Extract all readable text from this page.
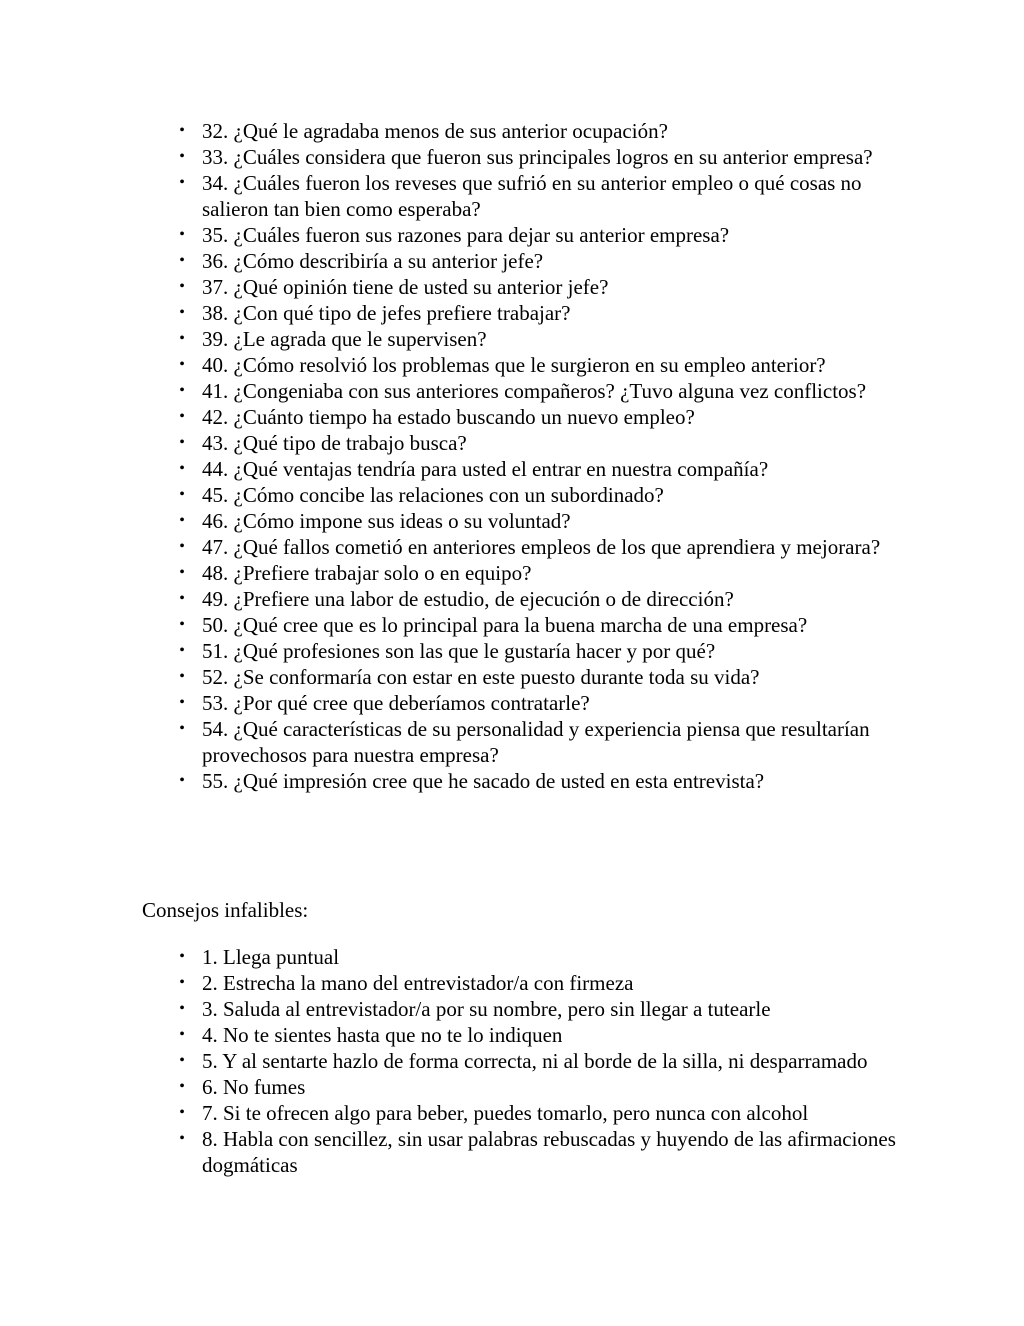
• 32. ¿Qué le agradaba menos de sus anterior ocupación?
• 33. ¿Cuáles considera que fueron sus principales logros en su anterior empresa?
• 34. ¿Cuáles fueron los reveses que sufrió en su anterior empleo o qué cosas no salieron tan bien como esperaba?
• 35. ¿Cuáles fueron sus razones para dejar su anterior empresa?
• 36. ¿Cómo describiría a su anterior jefe?
• 37. ¿Qué opinión tiene de usted su anterior jefe?
• 38. ¿Con qué tipo de jefes prefiere trabajar?
• 39. ¿Le agrada que le supervisen?
• 40. ¿Cómo resolvió los problemas que le surgieron en su empleo anterior?
• 41. ¿Congeniaba con sus anteriores compañeros? ¿Tuvo alguna vez conflictos?
• 42. ¿Cuánto tiempo ha estado buscando un nuevo empleo?
• 43. ¿Qué tipo de trabajo busca?
• 44. ¿Qué ventajas tendría para usted el entrar en nuestra compañía?
• 45. ¿Cómo concibe las relaciones con un subordinado?
• 46. ¿Cómo impone sus ideas o su voluntad?
• 47. ¿Qué fallos cometió en anteriores empleos de los que aprendiera y mejorara?
• 48. ¿Prefiere trabajar solo o en equipo?
• 49. ¿Prefiere una labor de estudio, de ejecución o de dirección?
• 50. ¿Qué cree que es lo principal para la buena marcha de una empresa?
• 51. ¿Qué profesiones son las que le gustaría hacer y por qué?
• 52. ¿Se conformaría con estar en este puesto durante toda su vida?
• 53. ¿Por qué cree que deberíamos contratarle?
• 54. ¿Qué características de su personalidad y experiencia piensa que resultarían provechosos para nuestra empresa?
• 55. ¿Qué impresión cree que he sacado de usted en esta entrevista?
Consejos infalibles:
• 1. Llega puntual
• 2. Estrecha la mano del entrevistador/a con firmeza
• 3. Saluda al entrevistador/a por su nombre, pero sin llegar a tutearle
• 4. No te sientes hasta que no te lo indiquen
• 5. Y al sentarte hazlo de forma correcta, ni al borde de la silla, ni desparramado
• 6. No fumes
• 7. Si te ofrecen algo para beber, puedes tomarlo, pero nunca con alcohol
• 8. Habla con sencillez, sin usar palabras rebuscadas y huyendo de las afirmaciones dogmáticas
